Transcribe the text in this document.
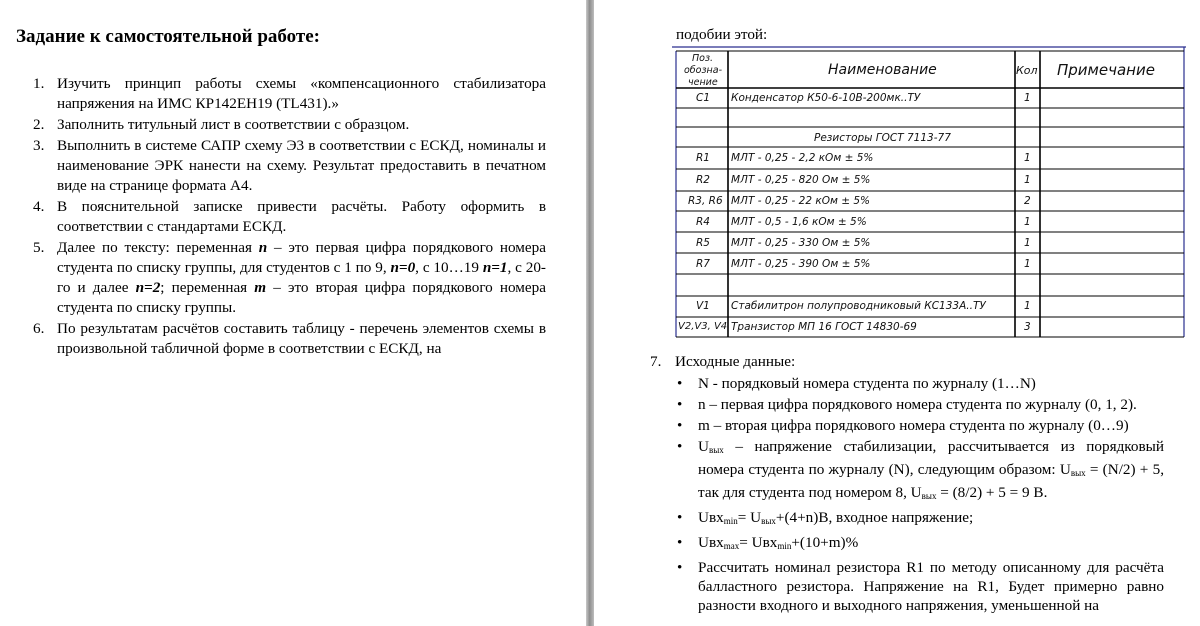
Задание к самостоятельной работе:
1. Изучить принцип работы схемы «компенсационного стабилизатора напряжения на ИМС КР142ЕН19 (TL431).»
2. Заполнить титульный лист в соответствии с образцом.
3. Выполнить в системе САПР схему Э3 в соответствии с ЕСКД, номиналы и наименование ЭРК нанести на схему. Результат предоставить в печатном виде на странице формата А4.
4. В пояснительной записке привести расчёты. Работу оформить в соответствии с стандартами ЕСКД.
5. Далее по тексту: переменная n – это первая цифра порядкового номера студента по списку группы, для студентов с 1 по 9, n=0, с 10…19 n=1, с 20-го и далее n=2; переменная m – это вторая цифра порядкового номера студента по списку группы.
6. По результатам расчётов составить таблицу - перечень элементов схемы в произвольной табличной форме в соответствии с ЕСКД, на
подобии этой:
Поз.
обозна-
чение
Наименование	Кол Примечание
C1 Конденсатор К50-6-10В-200мк..ТУ	1
Резисторы ГОСТ 7113-77
R1 МЛТ - 0,25 - 2,2 кОм ± 5%	1
R2 МЛТ - 0,25 - 820 Ом ± 5%	1
R3, R6 МЛТ - 0,25 - 22 кОм ± 5%	2
R4 МЛТ - 0,5 - 1,6 кОм ± 5%	1
R5 МЛТ - 0,25 - 330 Ом ± 5%	1
R7 МЛТ - 0,25 - 390 Ом ± 5%	1
V1 Стабилитрон полупроводниковый КС133А..ТУ	1
V2,V3, V4 Транзистор МП 16 ГОСТ 14830-69	3
7. Исходные данные:
• N - порядковый номера студента по журналу (1…N)
• n – первая цифра порядкового номера студента по журналу (0, 1, 2).
• m – вторая цифра порядкового номера студента по журналу (0…9)
• $U_{вых}$ – напряжение стабилизации, рассчитывается из порядковый номера студента по журналу (N), следующим образом: $U_{вых} = (N/2) + 5$, так для студента под номером 8, $U_{вых} = (8/2) + 5 = 9$ В.
• $Uвх_{min}= U_{вых}+(4+n)В$, входное напряжение;
• Uвх$_{max}$= Uвх$_{min}$+(10+m)%
• Рассчитать номинал резистора R1 по методу описанному для расчёта балластного резистора. Напряжение на R1, Будет примерно равно разности входного и выходного напряжения, уменьшенной на
